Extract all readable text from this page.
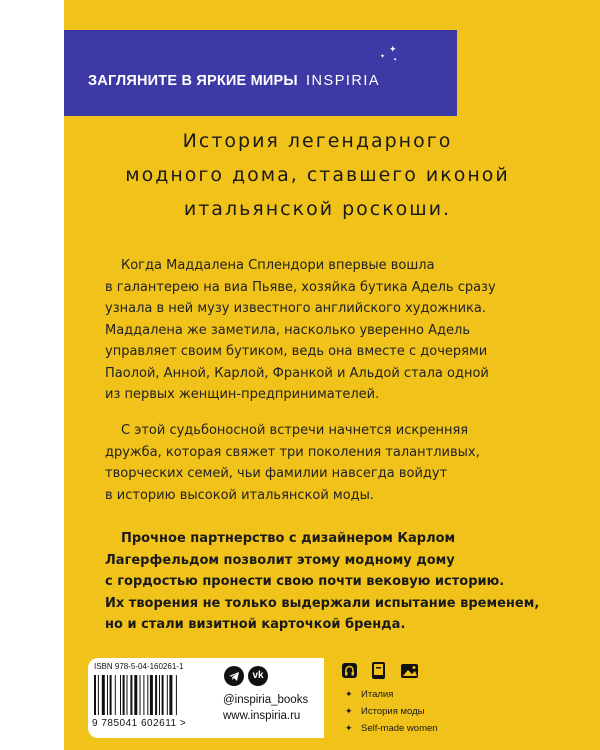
ЗАГЛЯНИТЕ В ЯРКИЕ МИРЫ INSPIRIA
✦
✦ ✦
История легендарного
модного дома, ставшего иконой
итальянской роскоши.
Когда Маддалена Сплендори впервые вошла
в галантерею на виа Пьяве, хозяйка бутика Адель сразу
узнала в ней музу известного английского художника.
Маддалена же заметила, насколько уверенно Адель
управляет своим бутиком, ведь она вместе с дочерями
Паолой, Анной, Карлой, Франкой и Альдой стала одной
из первых женщин-предпринимателей.
С этой судьбоносной встречи начнется искренняя
дружба, которая свяжет три поколения талантливых,
творческих семей, чьи фамилии навсегда войдут
в историю высокой итальянской моды.
Прочное партнерство с дизайнером Карлом
Лагерфельдом позволит этому модному дому
с гордостью пронести свою почти вековую историю.
Их творения не только выдержали испытание временем,
но и стали визитной карточкой бренда.
ISBN 978-5-04-160261-1
9 785041 602611 >
vk
@inspiria_books
www.inspiria.ru
✦ Италия
✦ История моды
✦ Self-made women
